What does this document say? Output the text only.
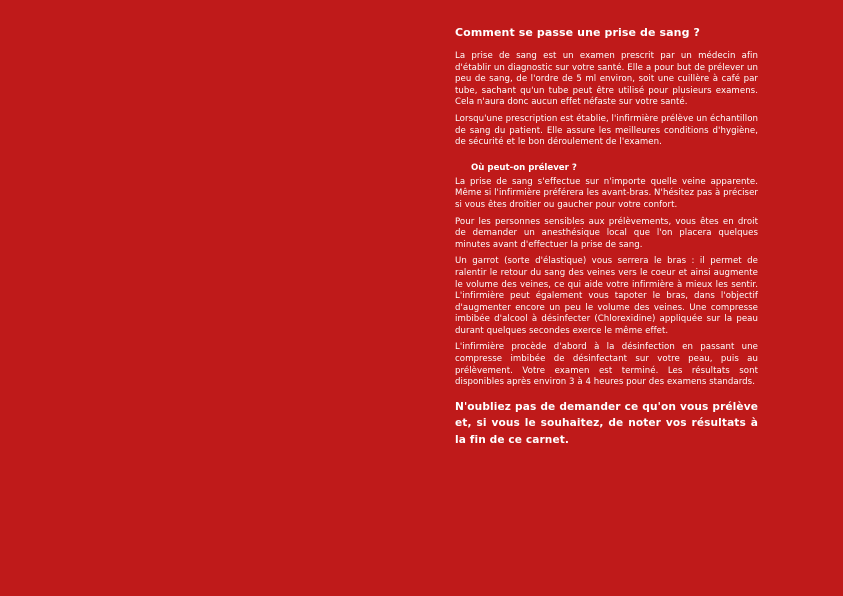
Comment se passe une prise de sang ?

La prise de sang est un examen prescrit par un médecin afin d'établir un diagnostic sur votre santé. Elle a pour but de prélever un peu de sang, de l'ordre de 5 ml environ, soit une cuillère à café par tube, sachant qu'un tube peut être utilisé pour plusieurs examens. Cela n'aura donc aucun effet néfaste sur votre santé.

Lorsqu'une prescription est établie, l'infirmière prélève un échantillon de sang du patient. Elle assure les meilleures conditions d'hygiène, de sécurité et le bon déroulement de l'examen.

Où peut-on prélever ?

La prise de sang s'effectue sur n'importe quelle veine apparente. Même si l'infirmière préférera les avant-bras. N'hésitez pas à préciser si vous êtes droitier ou gaucher pour votre confort.

Pour les personnes sensibles aux prélèvements, vous êtes en droit de demander un anesthésique local que l'on placera quelques minutes avant d'effectuer la prise de sang.

Un garrot (sorte d'élastique) vous serrera le bras : il permet de ralentir le retour du sang des veines vers le coeur et ainsi augmente le volume des veines, ce qui aide votre infirmière à mieux les sentir. L'infirmière peut également vous tapoter le bras, dans l'objectif d'augmenter encore un peu le volume des veines. Une compresse imbibée d'alcool à désinfecter (Chlorexidine) appliquée sur la peau durant quelques secondes exerce le même effet.

L'infirmière procède d'abord à la désinfection en passant une compresse imbibée de désinfectant sur votre peau, puis au prélèvement. Votre examen est terminé. Les résultats sont disponibles après environ 3 à 4 heures pour des examens standards.

N'oubliez pas de demander ce qu'on vous prélève et, si vous le souhaitez, de noter vos résultats à la fin de ce carnet.
